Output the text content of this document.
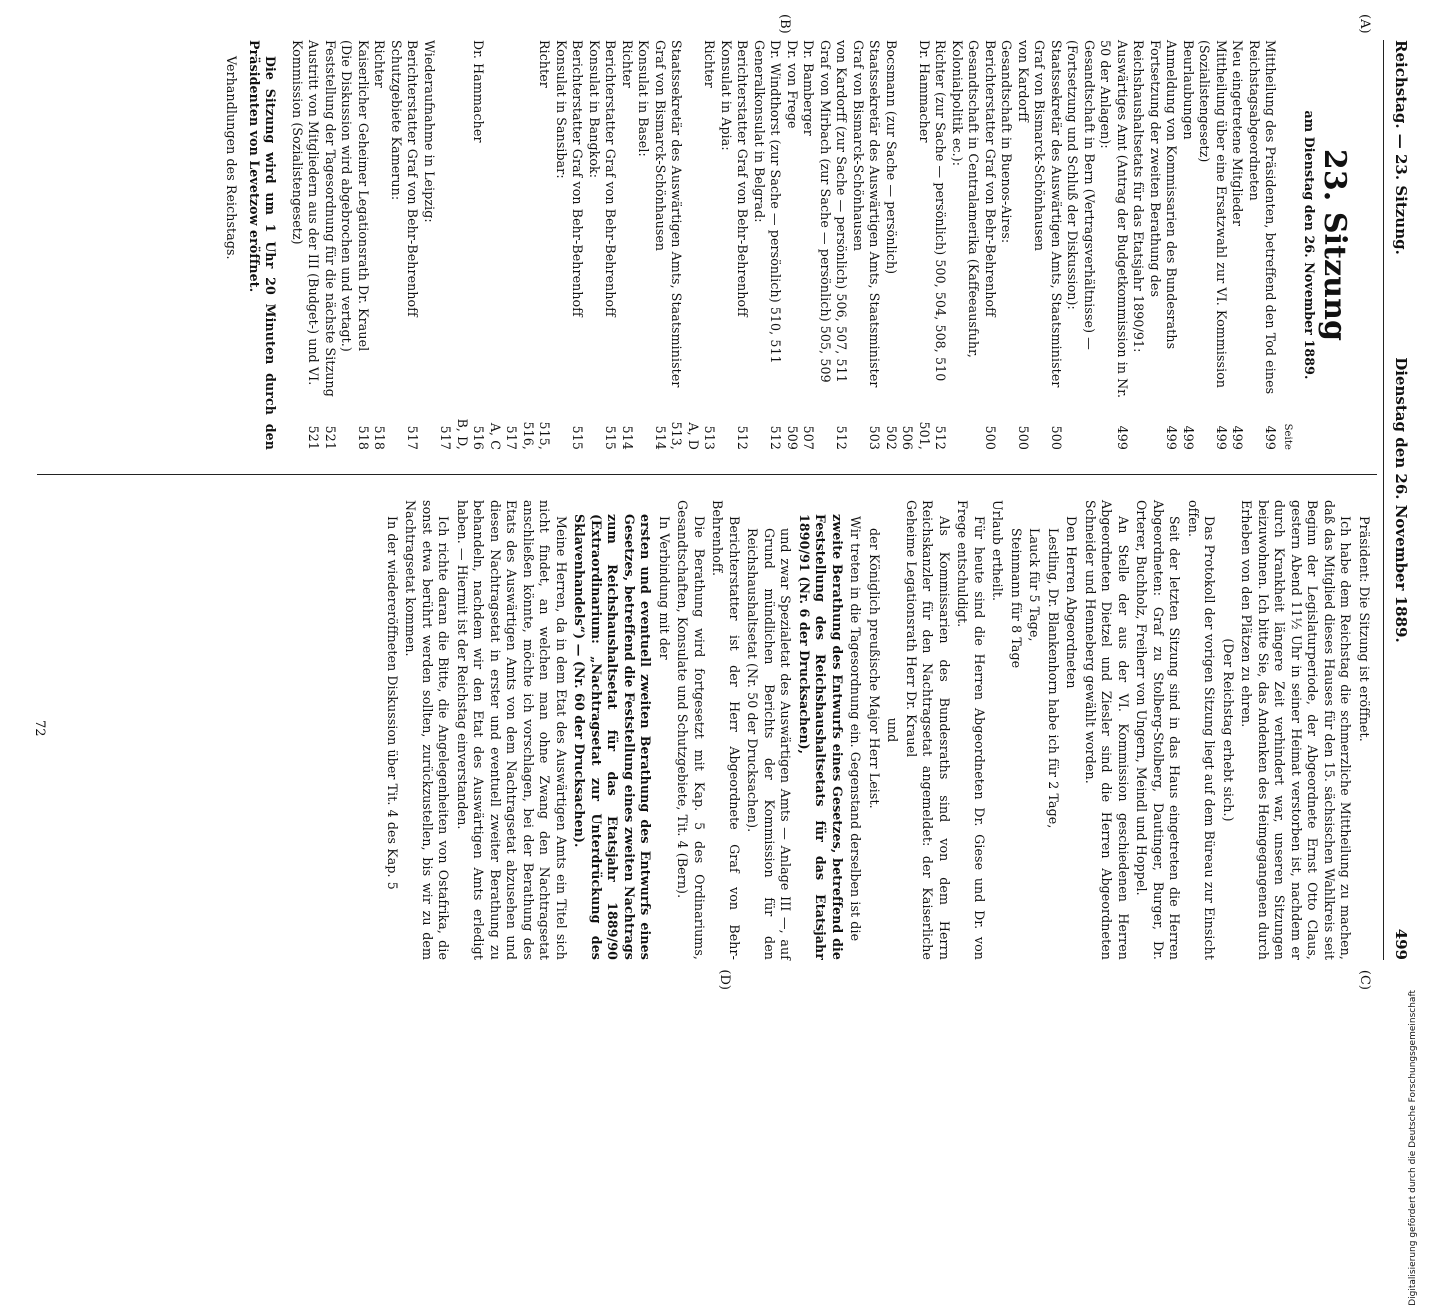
Reichstag. — 23. Sitzung.
Dienstag den 26. November 1889.
499
(A)
(B)
(C)
(D)
23. Sitzung
am Dienstag den 26. November 1889.
Seite
Mittheilung des Präsidenten, betreffend den Tod eines Reichstagsabgeordneten
499
Neu eingetretene Mitglieder
499
Mittheilung über eine Ersatzwahl zur VI. Kommission (Sozialistengesetz)
499
Beurlaubungen
499
Anmeldung von Kommissarien des Bundesraths
499
Fortsetzung der zweiten Berathung des Reichshaushaltsetats für das Etatsjahr 1890/91:
Auswärtiges Amt (Antrag der Budgetkommission in Nr. 50 der Anlagen):
499
Gesandtschaft in Bern (Vertragsverhältnisse) — (Fortsetzung und Schluß der Diskussion):
Staatssekretär des Auswärtigen Amts, Staatsminister Graf von Bismarck-Schönhausen
500
von Kardorff
500
Gesandtschaft in Buenos-Aires:
Berichterstatter Graf von Behr-Behrenhoff
500
Gesandtschaft in Centralamerika (Kaffeeausfuhr, Kolonialpolitik ec.):
Richter (zur Sache — persönlich) 500, 504, 508, 510
512
Dr. Hammacher
501, 506
Bocsmann (zur Sache — persönlich)
502
Staatssekretär des Auswärtigen Amts, Staatsminister Graf von Bismarck-Schönhausen
503
von Kardorff (zur Sache — persönlich) 506, 507, 511
512
Graf von Mirbach (zur Sache — persönlich) 505, 509
Dr. Bamberger
507
Dr. von Frege
509
Dr. Windthorst (zur Sache — persönlich) 510, 511
512
Generalkonsulat in Belgrad:
Berichterstatter Graf von Behr-Behrenhoff
512
Konsulat in Apia:
Richter
513 A, D
Staatssekretär des Auswärtigen Amts, Staatsminister Graf von Bismarck-Schönhausen
513, 514
Konsulat in Basel:
Richter
514
Berichterstatter Graf von Behr-Behrenhoff
515
Konsulat in Bangkok:
Berichterstatter Graf von Behr-Behrenhoff
515
Konsulat in Sansibar:
Richter
515, 516, 517 A, C
Dr. Hammacher
516 B, D, 517
Wiederaufnahme in Leipzig:
Berichterstatter Graf von Behr-Behrenhoff
517
Schutzgebiete Kamerun:
Richter
518
Kaiserlicher Geheimer Legationsrath Dr. Krauel
518
(Die Diskussion wird abgebrochen und vertagt.)
Feststellung der Tagesordnung für die nächste Sitzung
521
Austritt von Mitgliedern aus der III (Budget-) und VI. Kommission (Sozialistengesetz)
521

Die Sitzung wird um 1 Uhr 20 Minuten durch den Präsidenten von Levetzow eröffnet.

Verhandlungen des Reichstags.

Präsident: Die Sitzung ist eröffnet.

Ich habe dem Reichstag die schmerzliche Mittheilung zu machen, daß das Mitglied dieses Hauses für den 15. sächsischen Wahlkreis seit Beginn der Legislaturperiode, der Abgeordnete Ernst Otto Claus, gestern Abend 11½ Uhr in seiner Heimat verstorben ist, nachdem er durch Krankheit längere Zeit verhindert war, unseren Sitzungen beizuwohnen. Ich bitte Sie, das Andenken des Heimgegangenen durch Erheben von den Plätzen zu ehren.

(Der Reichstag erhebt sich.)

Das Protokoll der vorigen Sitzung liegt auf dem Büreau zur Einsicht offen.

Seit der letzten Sitzung sind in das Haus eingetreten die Herren Abgeordneten: Graf zu Stolberg-Stolberg, Dautinger, Burger, Dr. Orterer, Buchholz, Freiherr von Ungern, Meindl und Hoppel.

An Stelle der aus der VI. Kommission geschiedenen Herren Abgeordneten Dietzel und Ziesler sind die Herren Abgeordneten Schneider und Henneberg gewählt worden.

Den Herren Abgeordneten

Lestling, Dr. Blankenhorn habe ich für 2 Tage,

Lauck für 5 Tage,

Steinmann für 8 Tage

Urlaub ertheilt.

Für heute sind die Herren Abgeordneten Dr. Giese und Dr. von Frege entschuldigt.

Als Kommissarien des Bundesraths sind von dem Herrn Reichskanzler für den Nachtragsetat angemeldet: der Kaiserliche Geheime Legationsrath Herr Dr. Krauel

und

der Königlich preußische Major Herr Leist.

Wir treten in die Tagesordnung ein. Gegenstand derselben ist die

zweite Berathung des Entwurfs eines Gesetzes, betreffend die Feststellung des Reichshaushaltsetats für das Etatsjahr 1890/91 (Nr. 6 der Drucksachen),

und zwar Spezialetat des Auswärtigen Amts — Anlage III —, auf Grund mündlichen Berichts der Kommission für den Reichshaushaltsetat (Nr. 50 der Drucksachen).

Berichterstatter ist der Herr Abgeordnete Graf von Behr-Behrenhoff.

Die Berathung wird fortgesetzt mit Kap. 5 des Ordinariums, Gesandtschaften, Konsulate und Schutzgebiete, Tit. 4 (Bern).

In Verbindung mit der

ersten und eventuell zweiten Berathung des Entwurfs eines Gesetzes, betreffend die Feststellung eines zweiten Nachtrags zum Reichshaushaltsetat für das Etatsjahr 1889/90 (Extraordinarium: „Nachtragsetat zur Unterdrückung des Sklavenhandels“) — (Nr. 60 der Drucksachen).

Meine Herren, da in dem Etat des Auswärtigen Amts ein Titel sich nicht findet, an welchen man ohne Zwang den Nachtragsetat anschließen könnte, möchte ich vorschlagen, bei der Berathung des Etats des Auswärtigen Amts von dem Nachtragsetat abzusehen und diesen Nachtragsetat in erster und eventuell zweiter Berathung zu behandeln, nachdem wir den Etat des Auswärtigen Amts erledigt haben. — Hiermit ist der Reichstag einverstanden.

Ich richte daran die Bitte, die Angelegenheiten von Ostafrika, die sonst etwa berührt werden sollten, zurückzustellen, bis wir zu dem Nachtragsetat kommen.

In der wiedereröffneten Diskussion über Tit. 4 des Kap. 5

72
Digitalisierung gefördert durch die Deutsche Forschungsgemeinschaft
